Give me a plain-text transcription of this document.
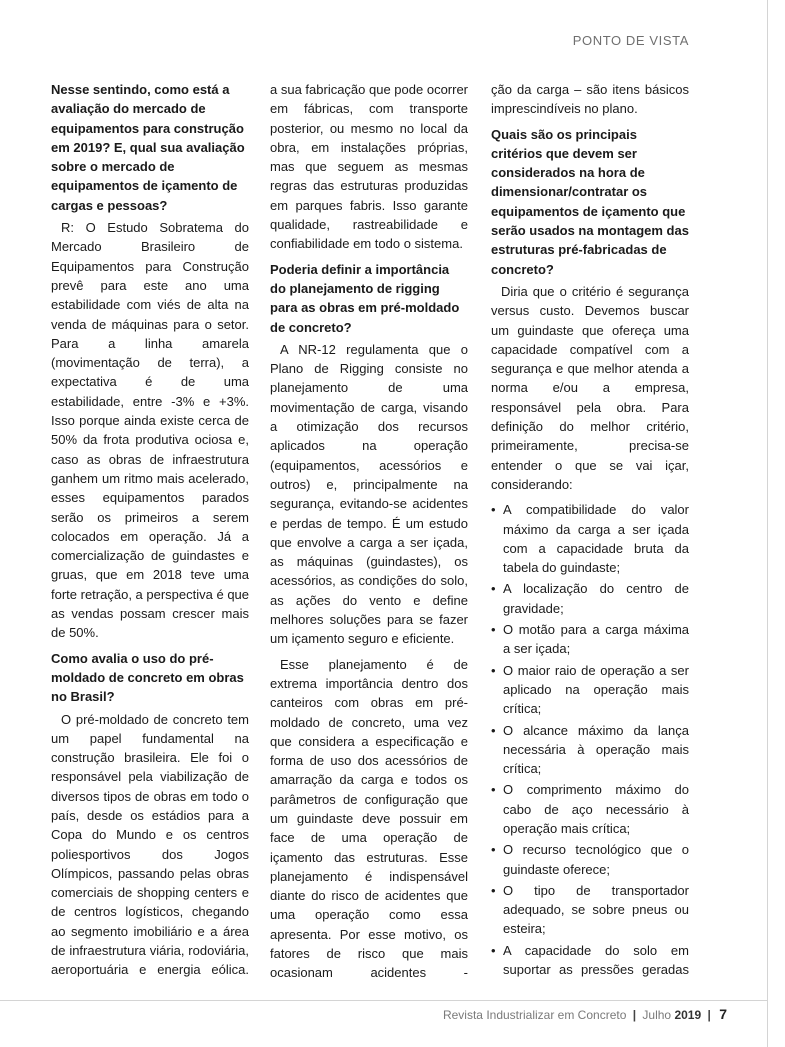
PONTO DE VISTA

Nesse sentindo, como está a avaliação do mercado de equipamentos para construção em 2019? E, qual sua avaliação sobre o mercado de equipamentos de içamento de cargas e pessoas?

R: O Estudo Sobratema do Mercado Brasileiro de Equipamentos para Construção prevê para este ano uma estabilidade com viés de alta na venda de máquinas para o setor. Para a linha amarela (movimentação de terra), a expectativa é de uma estabilidade, entre -3% e +3%. Isso porque ainda existe cerca de 50% da frota produtiva ociosa e, caso as obras de infraestrutura ganhem um ritmo mais acelerado, esses equipamentos parados serão os primeiros a serem colocados em operação. Já a comercialização de guindastes e gruas, que em 2018 teve uma forte retração, a perspectiva é que as vendas possam crescer mais de 50%.

Como avalia o uso do pré-moldado de concreto em obras no Brasil?

O pré-moldado de concreto tem um papel fundamental na construção brasileira. Ele foi o responsável pela viabilização de diversos tipos de obras em todo o país, desde os estádios para a Copa do Mundo e os centros poliesportivos dos Jogos Olímpicos, passando pelas obras comerciais de shopping centers e de centros logísticos, chegando ao segmento imobiliário e a área de infraestrutura viária, rodoviária, aeroportuária e energia eólica.

a sua fabricação que pode ocorrer em fábricas, com transporte posterior, ou mesmo no local da obra, em instalações próprias, mas que seguem as mesmas regras das estruturas produzidas em parques fabris. Isso garante qualidade, rastreabilidade e confiabilidade em todo o sistema.

Poderia definir a importância do planejamento de rigging para as obras em pré-moldado de concreto?

A NR-12 regulamenta que o Plano de Rigging consiste no planejamento de uma movimentação de carga, visando a otimização dos recursos aplicados na operação (equipamentos, acessórios e outros) e, principalmente na segurança, evitando-se acidentes e perdas de tempo. É um estudo que envolve a carga a ser içada, as máquinas (guindastes), os acessórios, as condições do solo, as ações do vento e define melhores soluções para se fazer um içamento seguro e eficiente.

Esse planejamento é de extrema importância dentro dos canteiros com obras em pré-moldado de concreto, uma vez que considera a especificação e forma de uso dos acessórios de amarração da carga e todos os parâmetros de configuração que um guindaste deve possuir em face de uma operação de içamento das estruturas. Esse planejamento é indispensável diante do risco de acidentes que uma operação como essa apresenta. Por esse motivo, os fatores de risco que mais ocasionam acidentes -

ção da carga – são itens básicos imprescindíveis no plano.

Quais são os principais critérios que devem ser considerados na hora de dimensionar/contratar os equipamentos de içamento que serão usados na montagem das estruturas pré-fabricadas de concreto?

Diria que o critério é segurança versus custo. Devemos buscar um guindaste que ofereça uma capacidade compatível com a segurança e que melhor atenda a norma e/ou a empresa, responsável pela obra. Para definição do melhor critério, primeiramente, precisa-se entender o que se vai içar, considerando:

• A compatibilidade do valor máximo da carga a ser içada com a capacidade bruta da tabela do guindaste;
• A localização do centro de gravidade;
• O motão para a carga máxima a ser içada;
• O maior raio de operação a ser aplicado na operação mais crítica;
• O alcance máximo da lança necessária à operação mais crítica;
• O comprimento máximo do cabo de aço necessário à operação mais crítica;
• O recurso tecnológico que o guindaste oferece;
• O tipo de transportador adequado, se sobre pneus ou esteira;
• A capacidade do solo em suportar as pressões geradas

Revista Industrializar em Concreto | Julho 2019 | 7
